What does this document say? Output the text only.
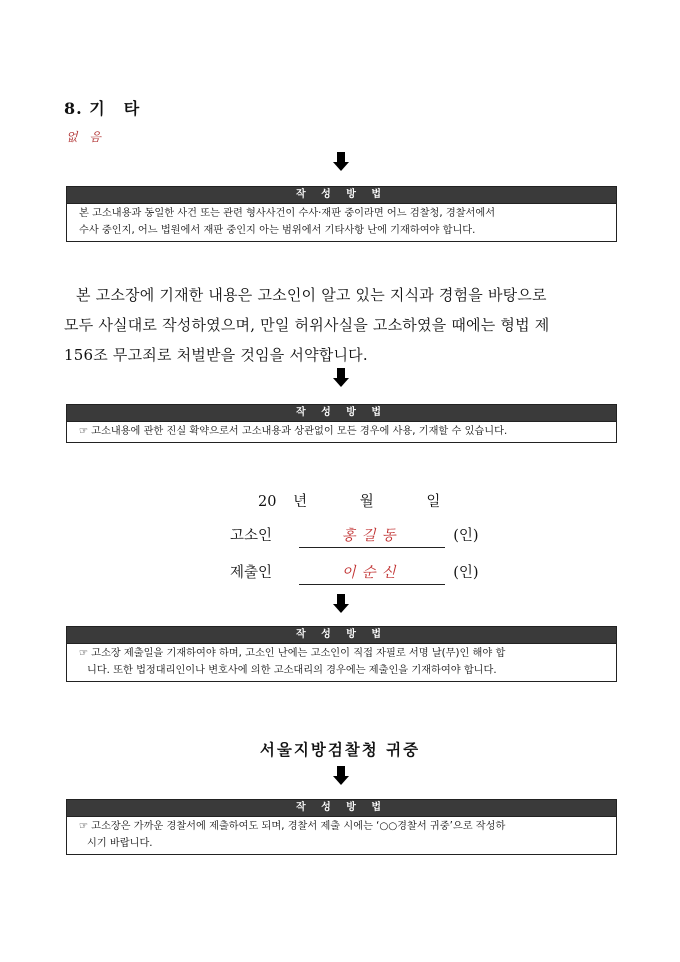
8. 기 타
없 음
작 성 방 법
본 고소내용과 동일한 사건 또는 관련 형사사건이 수사·재판 중이라면 어느 검찰청, 경찰서에서
수사 중인지, 어느 법원에서 재판 중인지 아는 범위에서 기타사항 난에 기재하여야 합니다.
본 고소장에 기재한 내용은 고소인이 알고 있는 지식과 경험을 바탕으로
모두 사실대로 작성하였으며, 만일 허위사실을 고소하였을 때에는 형법 제
156조 무고죄로 처벌받을 것임을 서약합니다.
작 성 방 법
☞ 고소내용에 관한 진실 확약으로서 고소내용과 상관없이 모든 경우에 사용, 기재할 수 있습니다.
20 년	월	일
고소인	홍길동	(인)
제출인	이순신	(인)
작 성 방 법
☞ 고소장 제출일을 기재하여야 하며, 고소인 난에는 고소인이 직접 자필로 서명 날(무)인 해야 합
니다. 또한 법정대리인이나 변호사에 의한 고소대리의 경우에는 제출인을 기재하여야 합니다.
서울지방검찰청 귀중
작 성 방 법
☞ 고소장은 가까운 경찰서에 제출하여도 되며, 경찰서 제출 시에는 ‘○○경찰서 귀중’으로 작성하
시기 바랍니다.
